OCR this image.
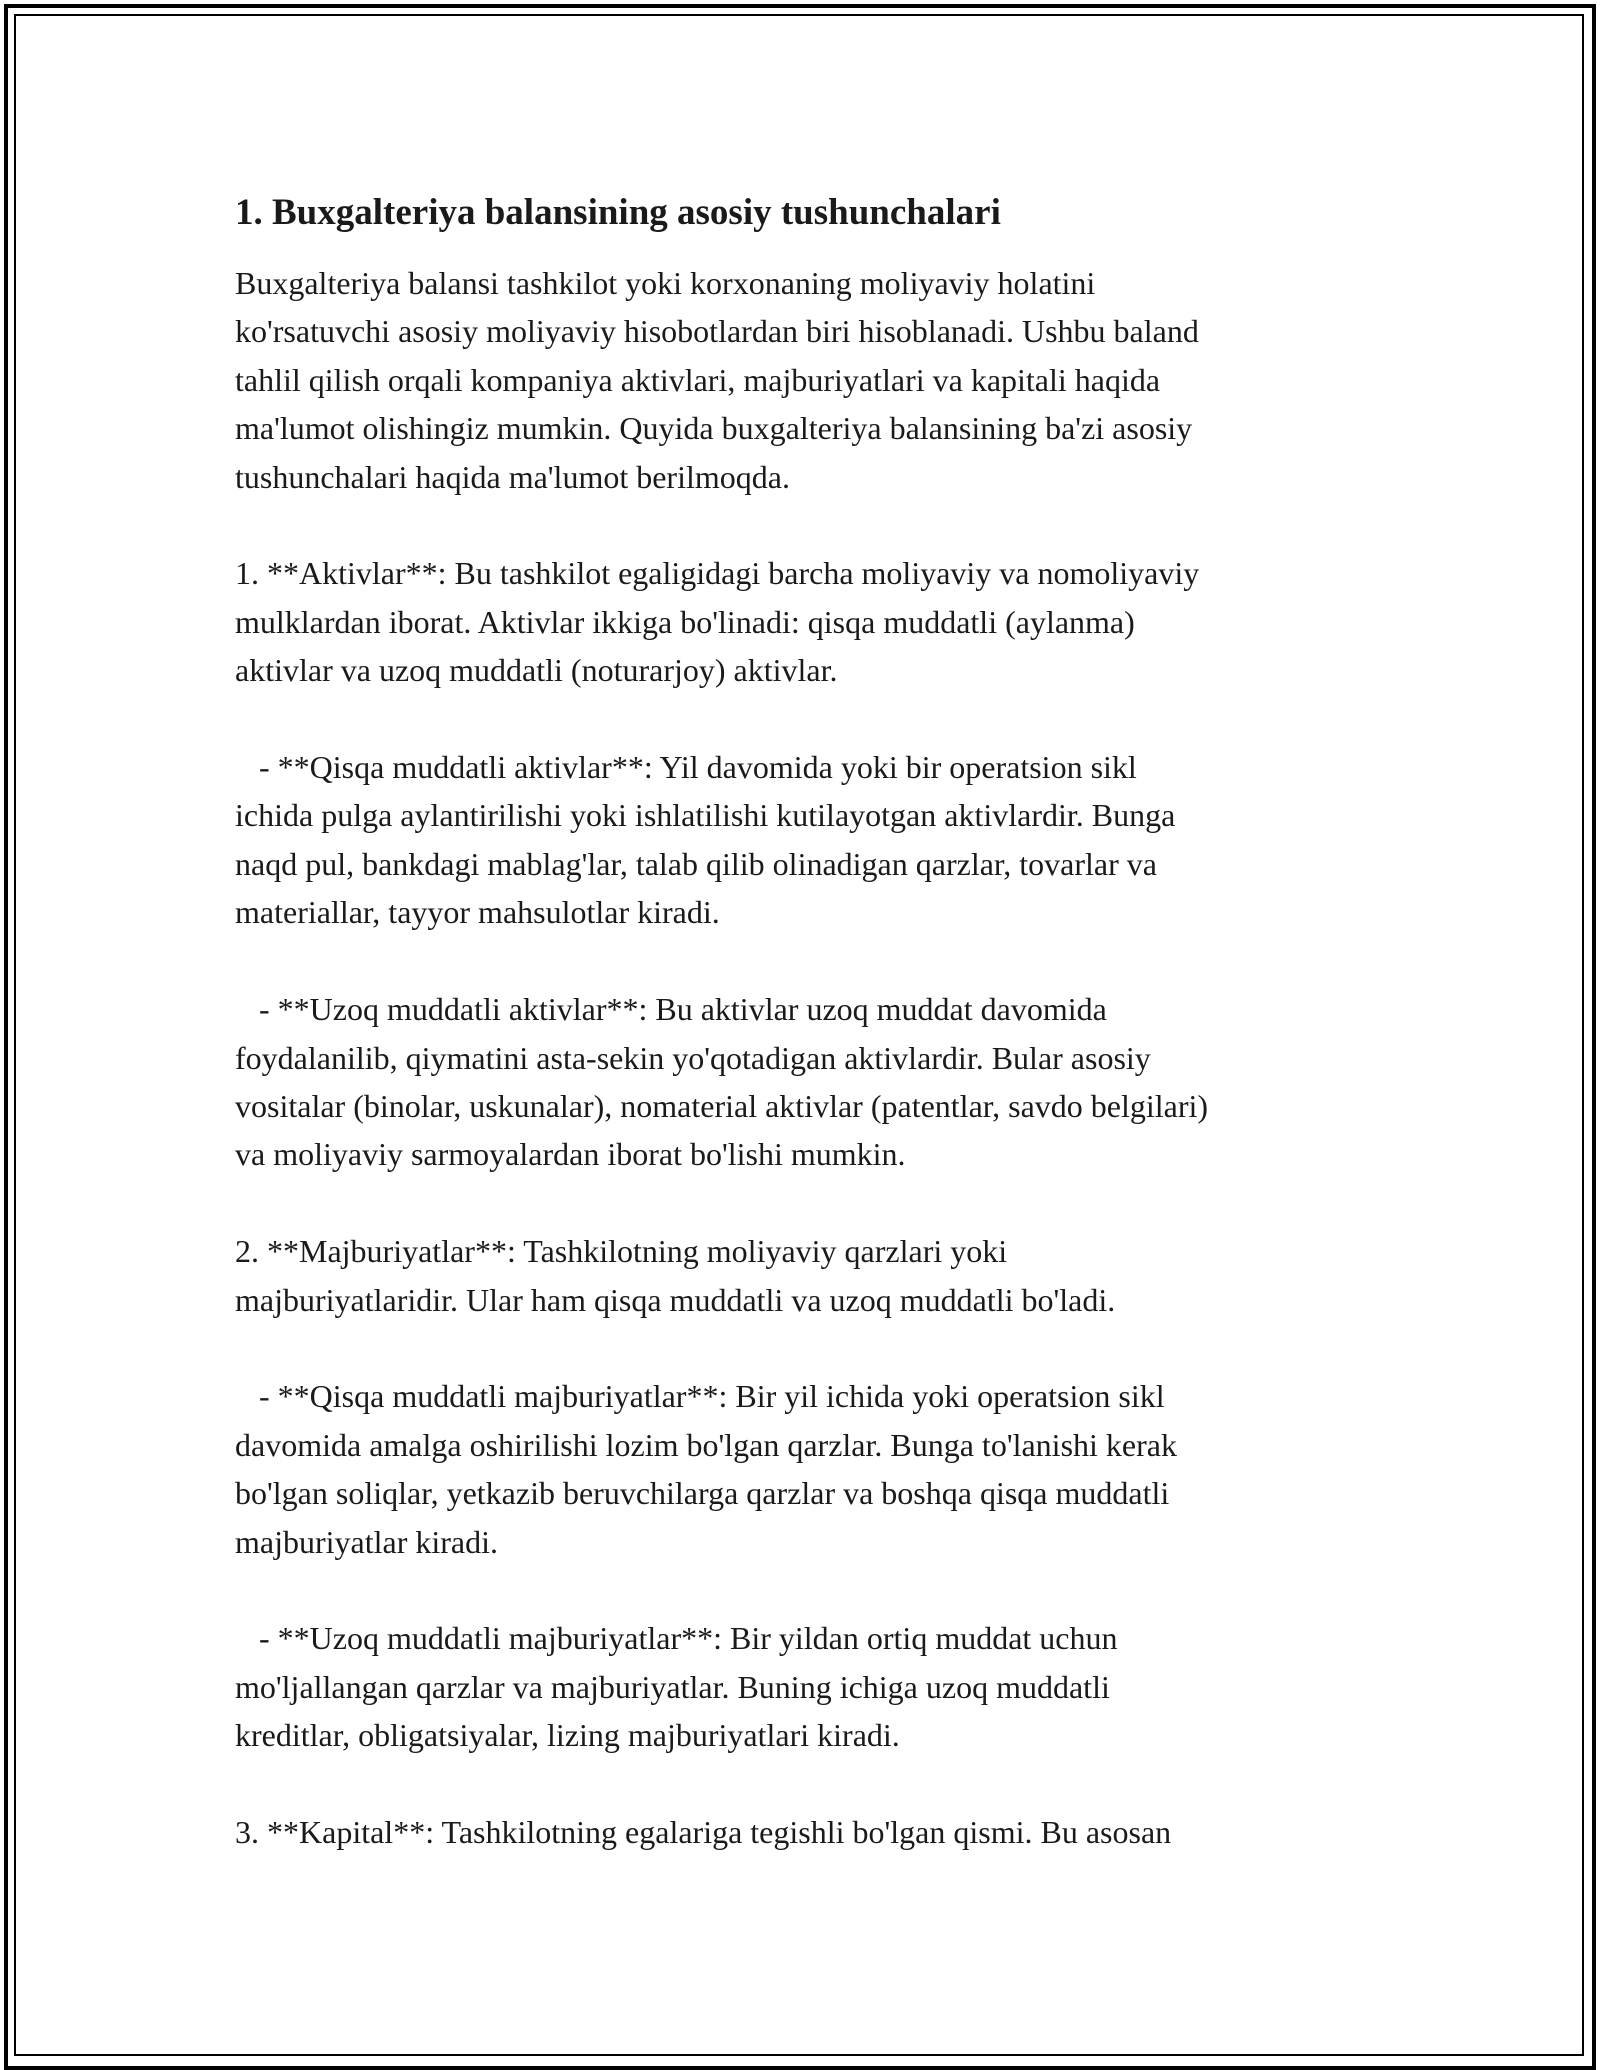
1. Buxgalteriya balansining asosiy tushunchalari

Buxgalteriya balansi tashkilot yoki korxonaning moliyaviy holatini
ko'rsatuvchi asosiy moliyaviy hisobotlardan biri hisoblanadi. Ushbu baland
tahlil qilish orqali kompaniya aktivlari, majburiyatlari va kapitali haqida
ma'lumot olishingiz mumkin. Quyida buxgalteriya balansining ba'zi asosiy
tushunchalari haqida ma'lumot berilmoqda.

1. **Aktivlar**: Bu tashkilot egaligidagi barcha moliyaviy va nomoliyaviy
mulklardan iborat. Aktivlar ikkiga bo'linadi: qisqa muddatli (aylanma)
aktivlar va uzoq muddatli (noturarjoy) aktivlar.

- **Qisqa muddatli aktivlar**: Yil davomida yoki bir operatsion sikl
ichida pulga aylantirilishi yoki ishlatilishi kutilayotgan aktivlardir. Bunga
naqd pul, bankdagi mablag'lar, talab qilib olinadigan qarzlar, tovarlar va
materiallar, tayyor mahsulotlar kiradi.

- **Uzoq muddatli aktivlar**: Bu aktivlar uzoq muddat davomida
foydalanilib, qiymatini asta-sekin yo'qotadigan aktivlardir. Bular asosiy
vositalar (binolar, uskunalar), nomaterial aktivlar (patentlar, savdo belgilari)
va moliyaviy sarmoyalardan iborat bo'lishi mumkin.

2. **Majburiyatlar**: Tashkilotning moliyaviy qarzlari yoki
majburiyatlaridir. Ular ham qisqa muddatli va uzoq muddatli bo'ladi.

- **Qisqa muddatli majburiyatlar**: Bir yil ichida yoki operatsion sikl
davomida amalga oshirilishi lozim bo'lgan qarzlar. Bunga to'lanishi kerak
bo'lgan soliqlar, yetkazib beruvchilarga qarzlar va boshqa qisqa muddatli
majburiyatlar kiradi.

- **Uzoq muddatli majburiyatlar**: Bir yildan ortiq muddat uchun
mo'ljallangan qarzlar va majburiyatlar. Buning ichiga uzoq muddatli
kreditlar, obligatsiyalar, lizing majburiyatlari kiradi.

3. **Kapital**: Tashkilotning egalariga tegishli bo'lgan qismi. Bu asosan
